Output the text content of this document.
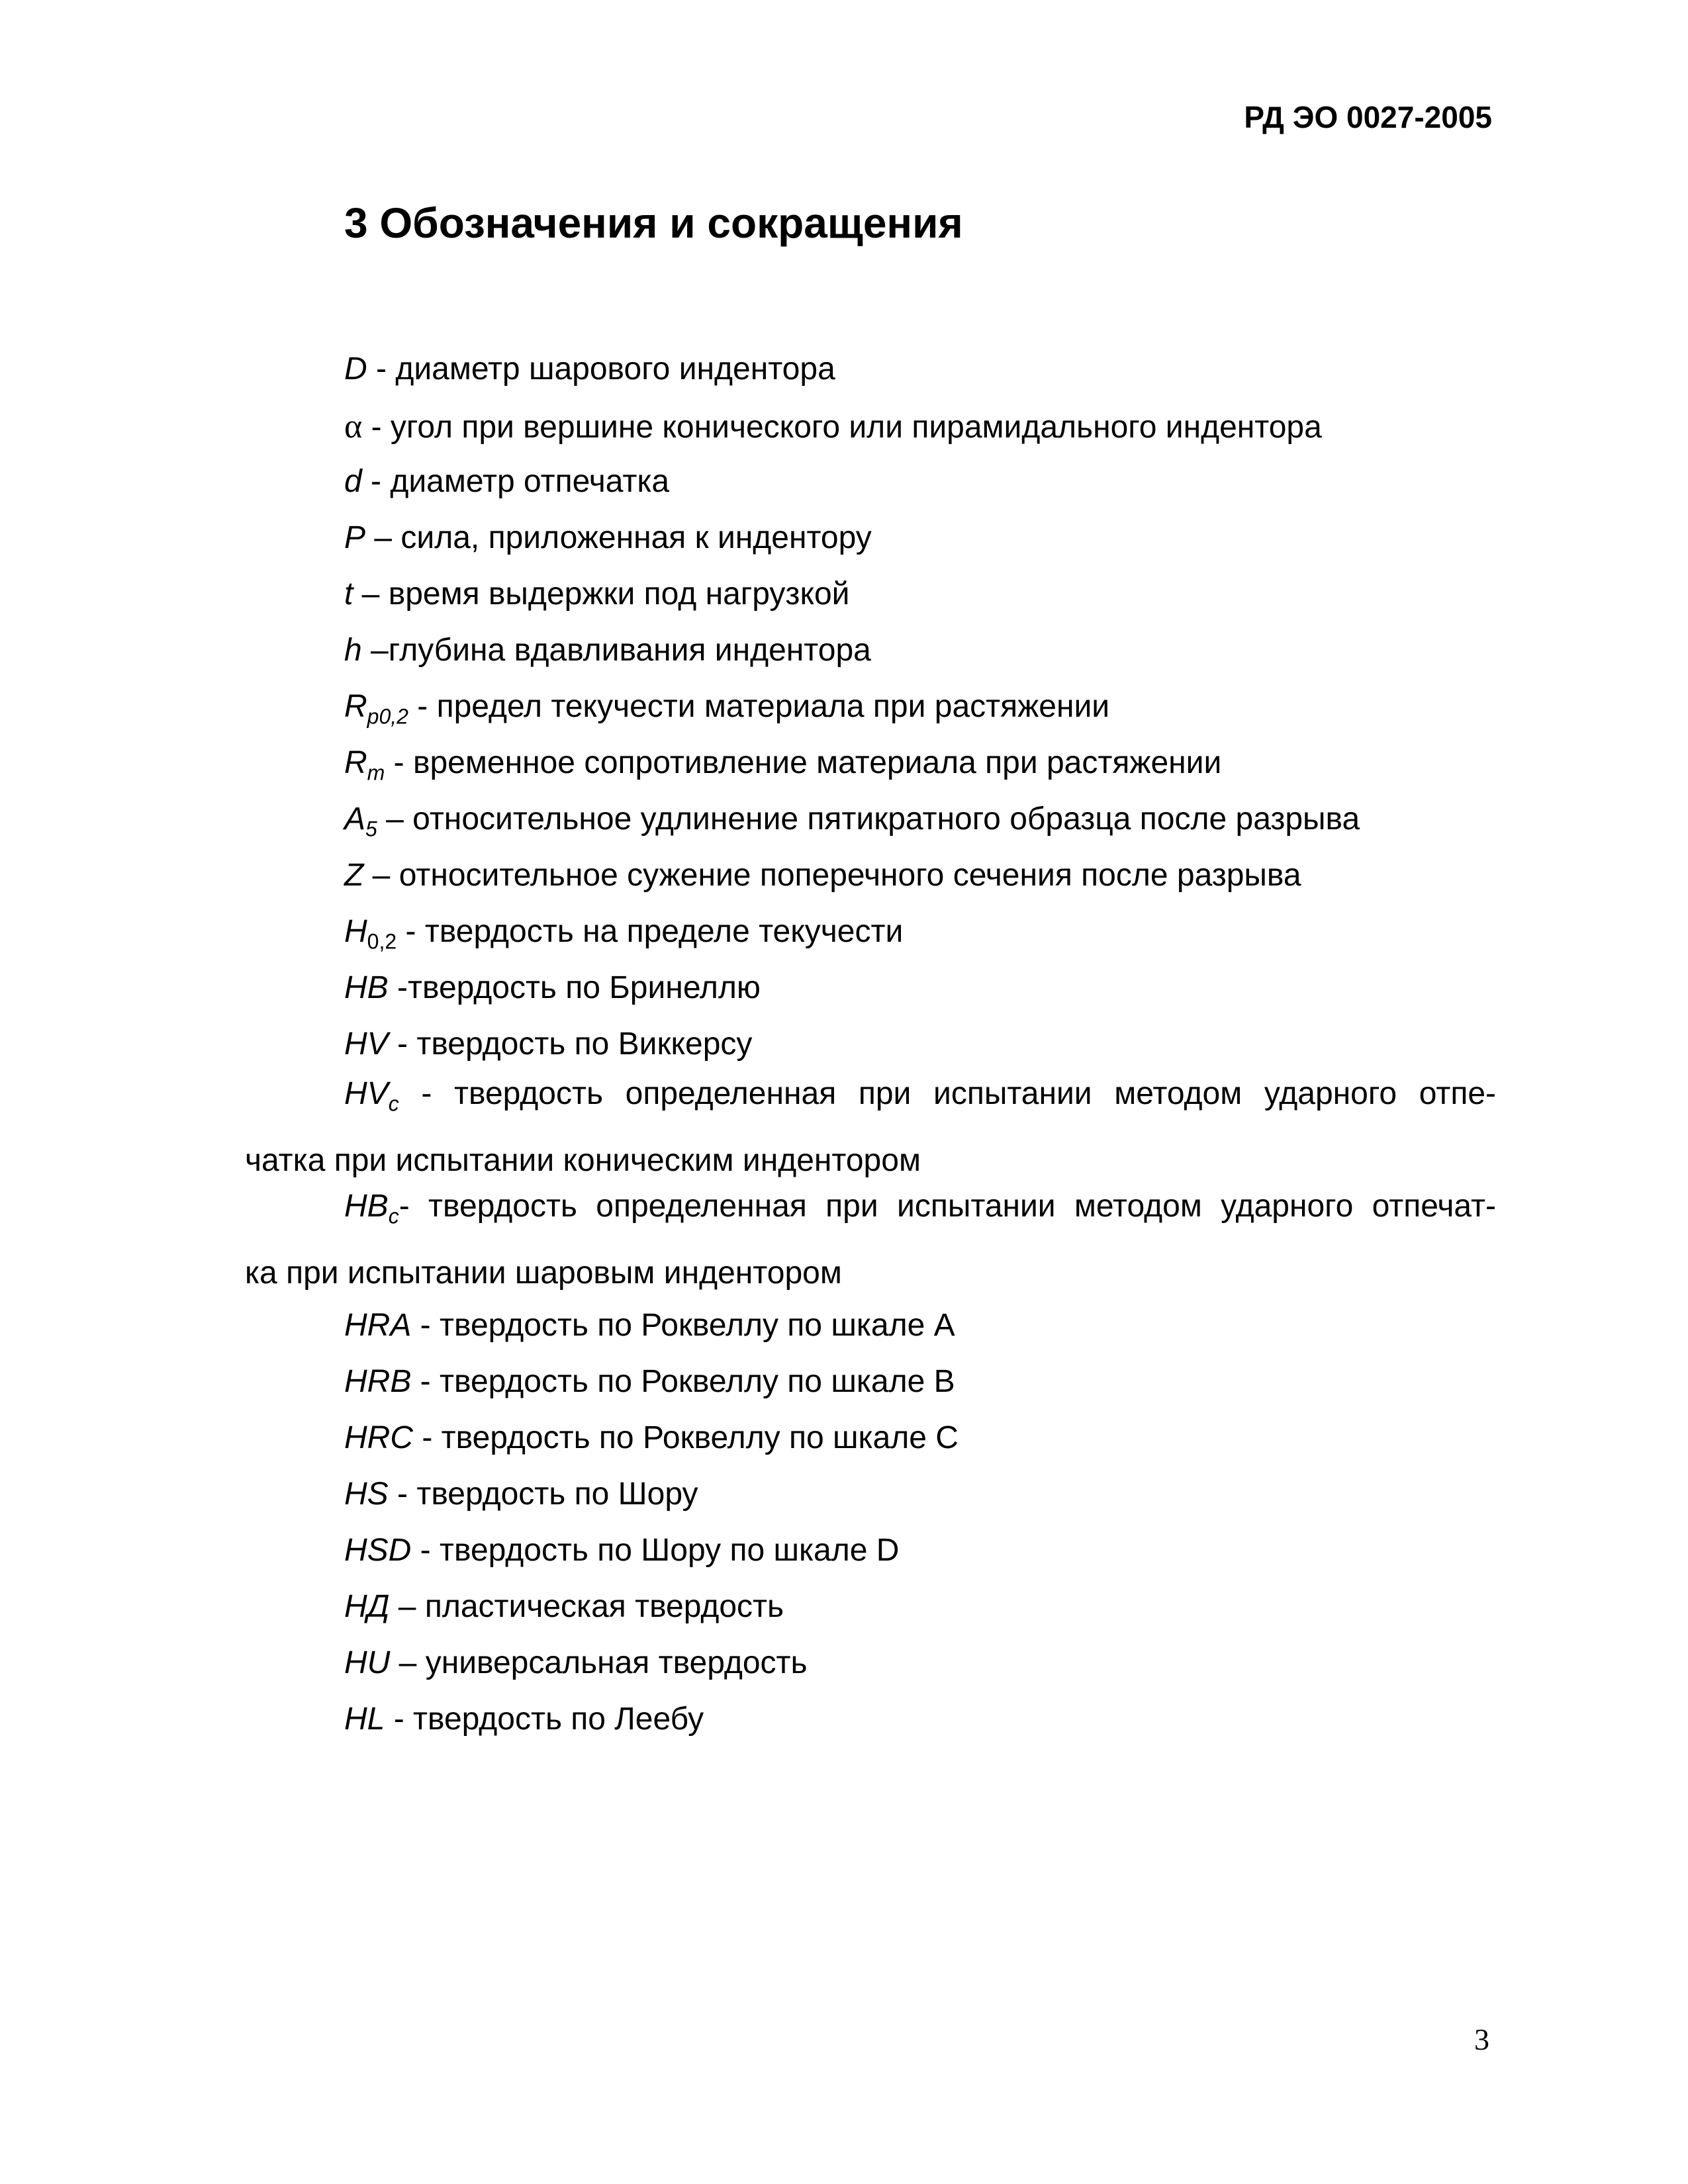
РД ЭО 0027-2005
3 Обозначения и сокращения
D - диаметр шарового индентора
α - угол при вершине конического или пирамидального индентора
d - диаметр отпечатка
P – сила, приложенная к индентору
t – время выдержки под нагрузкой
h –глубина вдавливания индентора
$R_{p0,2}$ - предел текучести материала при растяжении
$R_m$ - временное сопротивление материала при растяжении
$A_5$ – относительное удлинение пятикратного образца после разрыва
Z – относительное сужение поперечного сечения после разрыва
$H_{0,2}$ - твердость на пределе текучести
HB -твердость по Бринеллю
HV - твердость по Виккерсу
$HV_c$ - твердость определенная при испытании методом ударного отпе-
чатка при испытании коническим индентором
$HB_c-$ твердость определенная при испытании методом ударного отпечат-
ка при испытании шаровым индентором
HRA - твердость по Роквеллу по шкале А
HRB - твердость по Роквеллу по шкале В
HRC - твердость по Роквеллу по шкале С
HS - твердость по Шору
HSD - твердость по Шору по шкале D
НД – пластическая твердость
HU – универсальная твердость
HL - твердость по Леебу
3
